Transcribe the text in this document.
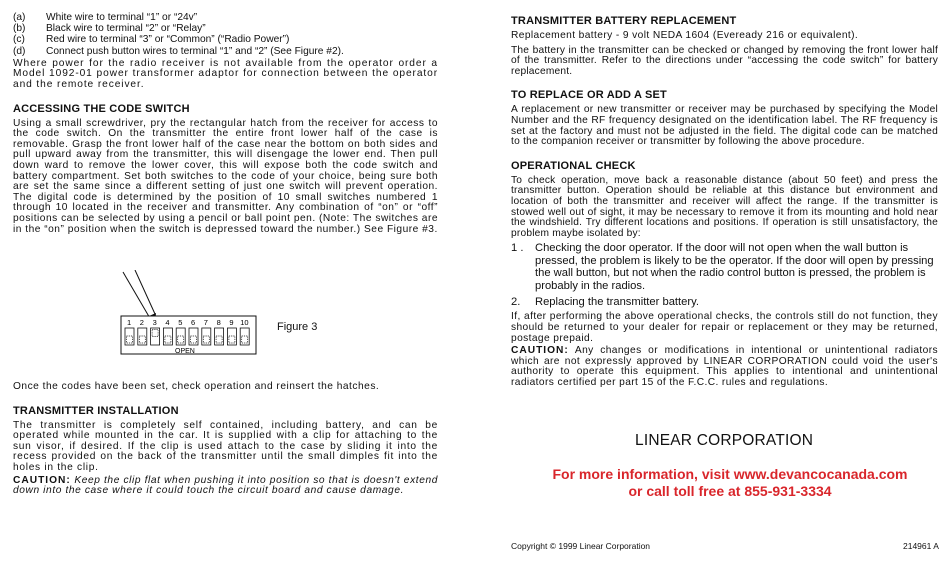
(a)	White wire to terminal “1” or “24v”
(b)	Black wire to terminal “2” or “Relay”
(c)	Red wire to terminal “3” or “Common” (“Radio Power”)
(d)	Connect push button wires to terminal “1” and “2” (See Figure #2).

Where power for the radio receiver is not available from the operator order a Model 1092-01 power transformer adaptor for connection between the operator and the remote receiver.

ACCESSING THE CODE SWITCH

Using a small screwdriver, pry the rectangular hatch from the receiver for access to the code switch. On the transmitter the entire front lower half of the case is removable. Grasp the front lower half of the case near the bottom on both sides and pull upward away from the transmitter, this will disengage the lower end. Then pull down ward to remove the lower cover, this will expose both the code switch and battery compartment. Set both switches to the code of your choice, being sure both are set the same since a different setting of just one switch will prevent operation. The digital code is determined by the position of 10 small switches numbered 1 through 10 located in the receiver and transmitter. Any combination of “on” or “off” positions can be selected by using a pencil or ball point pen. (Note: The switches are in the “on” position when the switch is depressed toward the number.) See Figure #3.

1 2 3 4 5 6 7 8 9 10
OPEN
Figure 3

Once the codes have been set, check operation and reinsert the hatches.

TRANSMITTER INSTALLATION

The transmitter is completely self contained, including battery, and can be operated while mounted in the car. It is supplied with a clip for attaching to the sun visor, if desired. If the clip is used attach to the case by sliding it into the recess provided on the back of the transmitter until the small dimples fit into the holes in the clip.

CAUTION: Keep the clip flat when pushing it into position so that is doesn't extend down into the case where it could touch the circuit board and cause damage.

TRANSMITTER BATTERY REPLACEMENT

Replacement battery - 9 volt NEDA 1604 (Eveready 216 or equivalent).

The battery in the transmitter can be checked or changed by removing the front lower half of the transmitter. Refer to the directions under “accessing the code switch” for battery replacement.

TO REPLACE OR ADD A SET

A replacement or new transmitter or receiver may be purchased by specifying the Model Number and the RF frequency designated on the identification label. The RF frequency is set at the factory and must not be adjusted in the field. The digital code can be matched to the companion receiver or transmitter by following the above procedure.

OPERATIONAL CHECK

To check operation, move back a reasonable distance (about 50 feet) and press the transmitter button. Operation should be reliable at this distance but environment and location of both the transmitter and receiver will affect the range. If the transmitter is stowed well out of sight, it may be necessary to remove it from its mounting and hold near the windshield. Try different locations and positions. If operation is still unsatisfactory, the problem maybe isolated by:

1 .	Checking the door operator. If the door will not open when the wall button is pressed, the problem is likely to be the operator. If the door will open by pressing the wall button, but not when the radio control button is pressed, the problem is probably in the radios.
2.	Replacing the transmitter battery.

If, after performing the above operational checks, the controls still do not function, they should be returned to your dealer for repair or replacement or they may be returned, postage prepaid.

CAUTION: Any changes or modifications in intentional or unintentional radiators which are not expressly approved by LINEAR CORPORATION could void the user's authority to operate this equipment. This applies to intentional and unintentional radiators certified per part 15 of the F.C.C. rules and regulations.

LINEAR CORPORATION
For more information, visit www.devancocanada.com
or call toll free at 855-931-3334
Copyright © 1999 Linear Corporation	214961 A
